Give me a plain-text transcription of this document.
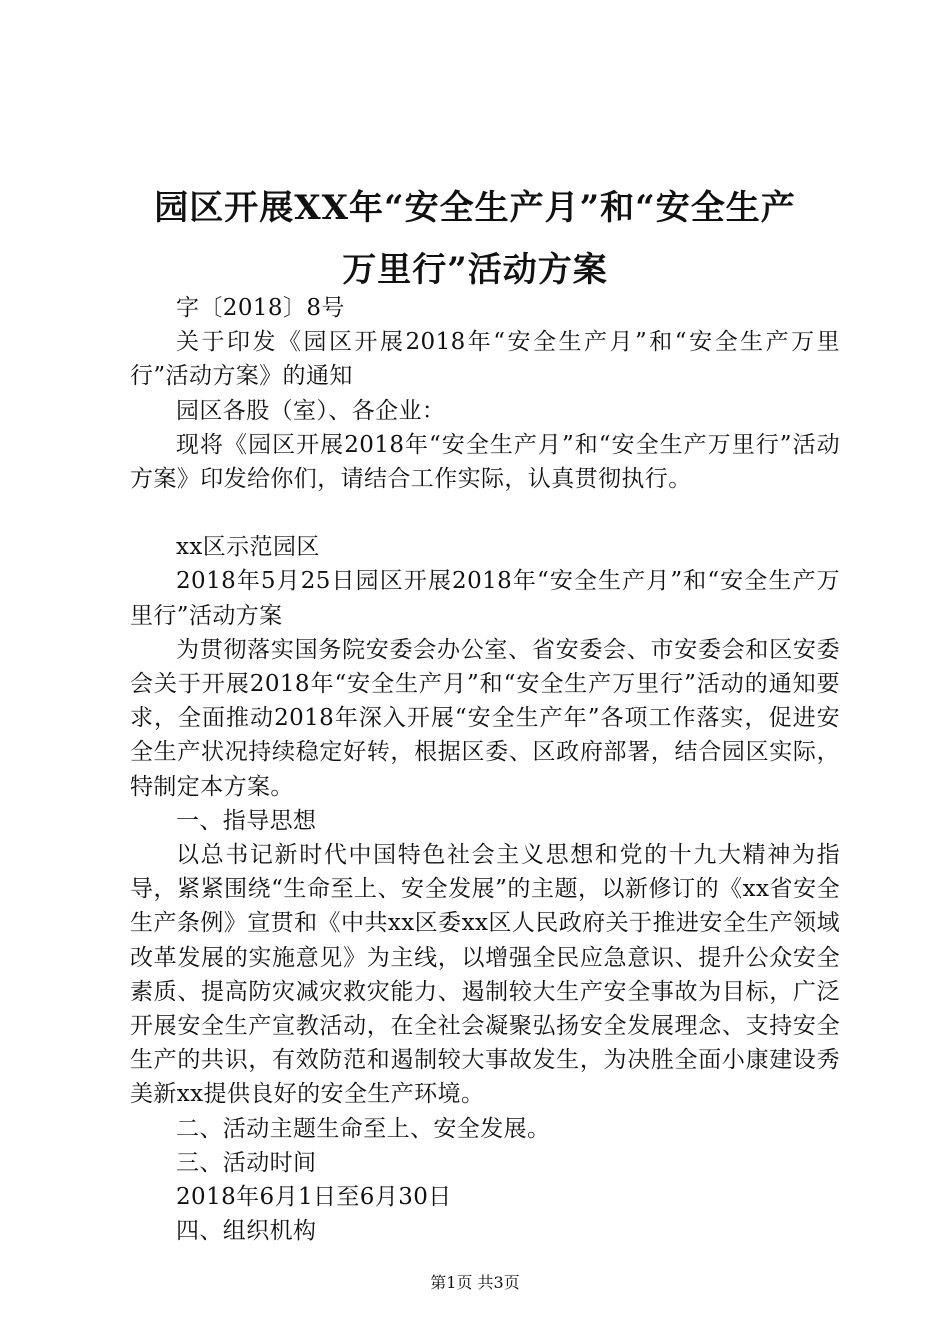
园区开展XX年“安全生产月”和“安全生产
万里行”活动方案

字〔2018〕8号

关于印发《园区开展2018年“安全生产月”和“安全生产万里行”活动方案》的通知

园区各股（室）、各企业：

现将《园区开展2018年“安全生产月”和“安全生产万里行”活动方案》印发给你们，请结合工作实际，认真贯彻执行。

xx区示范园区

2018年5月25日园区开展2018年“安全生产月”和“安全生产万里行”活动方案

为贯彻落实国务院安委会办公室、省安委会、市安委会和区安委会关于开展2018年“安全生产月”和“安全生产万里行”活动的通知要求，全面推动2018年深入开展“安全生产年”各项工作落实，促进安全生产状况持续稳定好转，根据区委、区政府部署，结合园区实际，特制定本方案。

一、指导思想

以总书记新时代中国特色社会主义思想和党的十九大精神为指导，紧紧围绕“生命至上、安全发展”的主题，以新修订的《xx省安全生产条例》宣贯和《中共xx区委xx区人民政府关于推进安全生产领域改革发展的实施意见》为主线，以增强全民应急意识、提升公众安全素质、提高防灾减灾救灾能力、遏制较大生产安全事故为目标，广泛开展安全生产宣教活动，在全社会凝聚弘扬安全发展理念、支持安全生产的共识，有效防范和遏制较大事故发生，为决胜全面小康建设秀美新xx提供良好的安全生产环境。

二、活动主题生命至上、安全发展。

三、活动时间

2018年6月1日至6月30日

四、组织机构

第1页 共3页
